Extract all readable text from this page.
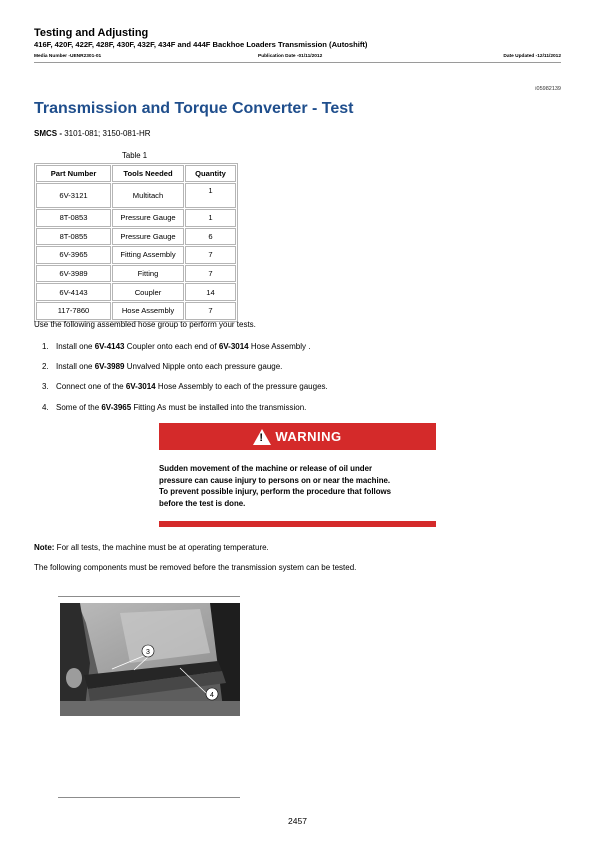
Testing and Adjusting
416F, 420F, 422F, 428F, 430F, 432F, 434F and 444F Backhoe Loaders Transmission (Autoshift)
Media Number -UENR2301-01	Publication Date -01/11/2012	Date Updated -12/11/2012
i05982139
Transmission and Torque Converter - Test
SMCS - 3101-081; 3150-081-HR
Table 1
Part Number	Tools Needed	Quantity
6V-3121	Multitach	1
8T-0853	Pressure Gauge	1
8T-0855	Pressure Gauge	6
6V-3965	Fitting Assembly	7
6V-3989	Fitting	7
6V-4143	Coupler	14
117-7860	Hose Assembly	7
Use the following assembled hose group to perform your tests.
1. Install one 6V-4143 Coupler onto each end of 6V-3014 Hose Assembly .
2. Install one 6V-3989 Unvalved Nipple onto each pressure gauge.
3. Connect one of the 6V-3014 Hose Assembly to each of the pressure gauges.
4. Some of the 6V-3965 Fitting As must be installed into the transmission.
! WARNING
Sudden movement of the machine or release of oil under
pressure can cause injury to persons on or near the machine.
To prevent possible injury, perform the procedure that follows
before the test is done.
Note: For all tests, the machine must be at operating temperature.
The following components must be removed before the transmission system can be tested.
3
4
2457
